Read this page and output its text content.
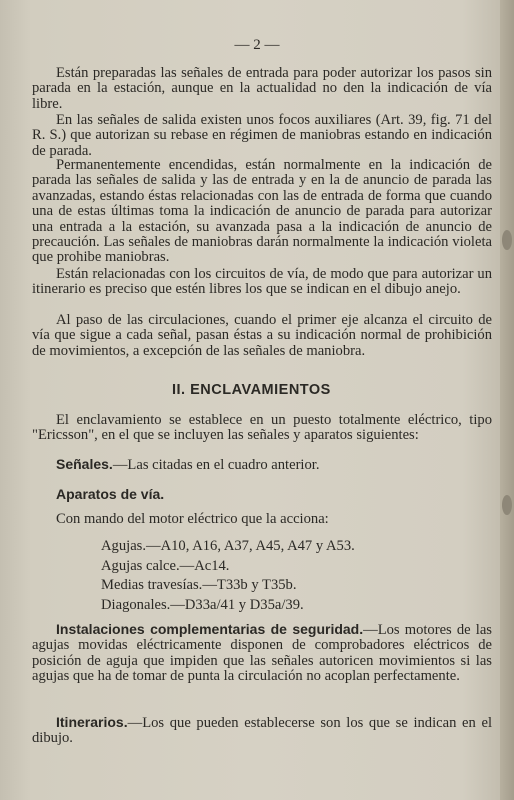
— 2 —

Están preparadas las señales de entrada para poder autorizar los pasos sin parada en la estación, aunque en la actualidad no den la indicación de vía libre.

En las señales de salida existen unos focos auxiliares (Art. 39, fig. 71 del R. S.) que autorizan su rebase en régimen de maniobras estando en indicación de parada.

Permanentemente encendidas, están normalmente en la indicación de parada las señales de salida y las de entrada y en la de anuncio de parada las avanzadas, estando éstas relacionadas con las de entrada de forma que cuando una de estas últimas toma la indicación de anuncio de parada para autorizar una entrada a la estación, su avanzada pasa a la indicación de anuncio de precaución. Las señales de maniobras darán normalmente la indicación violeta que prohibe maniobras.

Están relacionadas con los circuitos de vía, de modo que para autorizar un itinerario es preciso que estén libres los que se indican en el dibujo anejo.

Al paso de las circulaciones, cuando el primer eje alcanza el circuito de vía que sigue a cada señal, pasan éstas a su indicación normal de prohibición de movimientos, a excepción de las señales de maniobra.

II. ENCLAVAMIENTOS

El enclavamiento se establece en un puesto totalmente eléctrico, tipo "Ericsson", en el que se incluyen las señales y aparatos siguientes:

Señales.—Las citadas en el cuadro anterior.

Aparatos de vía.

Con mando del motor eléctrico que la acciona:

Agujas.—A10, A16, A37, A45, A47 y A53.
Agujas calce.—Ac14.
Medias travesías.—T33b y T35b.
Diagonales.—D33a/41 y D35a/39.

Instalaciones complementarias de seguridad.—Los motores de las agujas movidas eléctricamente disponen de comprobadores eléctricos de posición de aguja que impiden que las señales autoricen movimientos si las agujas que ha de tomar de punta la circulación no acoplan perfectamente.

Itinerarios.—Los que pueden establecerse son los que se indican en el dibujo.
